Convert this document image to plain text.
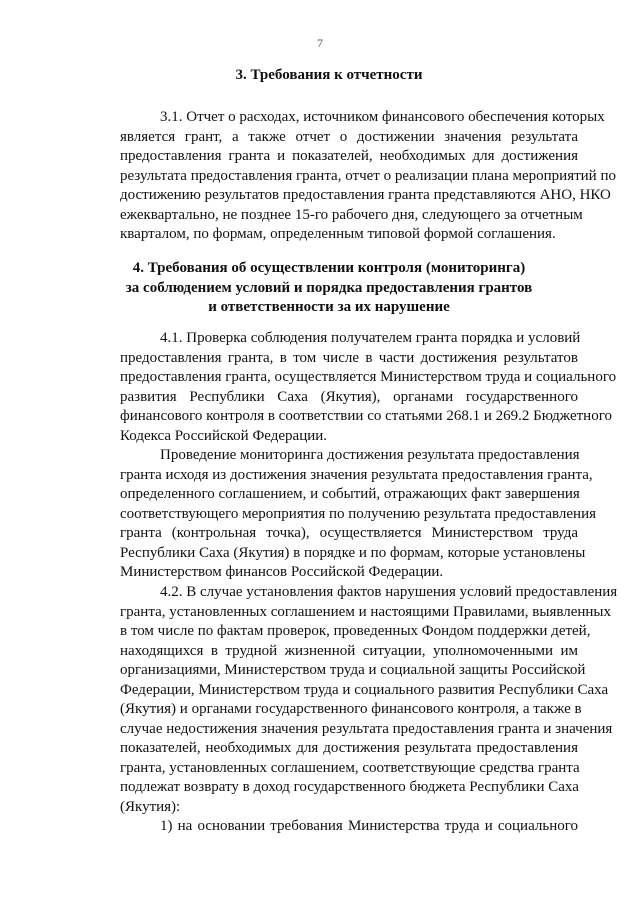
7
3. Требования к отчетности
3.1. Отчет о расходах, источником финансового обеспечения которых
является грант, а также отчет о достижении значения результата
предоставления гранта и показателей, необходимых для достижения
результата предоставления гранта, отчет о реализации плана мероприятий по
достижению результатов предоставления гранта представляются АНО, НКО
ежеквартально, не позднее 15-го рабочего дня, следующего за отчетным
кварталом, по формам, определенным типовой формой соглашения.
4. Требования об осуществлении контроля (мониторинга)
за соблюдением условий и порядка предоставления грантов
и ответственности за их нарушение
4.1. Проверка соблюдения получателем гранта порядка и условий
предоставления гранта, в том числе в части достижения результатов
предоставления гранта, осуществляется Министерством труда и социального
развития Республики Саха (Якутия), органами государственного
финансового контроля в соответствии со статьями 268.1 и 269.2 Бюджетного
Кодекса Российской Федерации.
Проведение мониторинга достижения результата предоставления
гранта исходя из достижения значения результата предоставления гранта,
определенного соглашением, и событий, отражающих факт завершения
соответствующего мероприятия по получению результата предоставления
гранта (контрольная точка), осуществляется Министерством труда
Республики Саха (Якутия) в порядке и по формам, которые установлены
Министерством финансов Российской Федерации.
4.2. В случае установления фактов нарушения условий предоставления
гранта, установленных соглашением и настоящими Правилами, выявленных
в том числе по фактам проверок, проведенных Фондом поддержки детей,
находящихся в трудной жизненной ситуации, уполномоченными им
организациями, Министерством труда и социальной защиты Российской
Федерации, Министерством труда и социального развития Республики Саха
(Якутия) и органами государственного финансового контроля, а также в
случае недостижения значения результата предоставления гранта и значения
показателей, необходимых для достижения результата предоставления
гранта, установленных соглашением, соответствующие средства гранта
подлежат возврату в доход государственного бюджета Республики Саха
(Якутия):
1) на основании требования Министерства труда и социального
